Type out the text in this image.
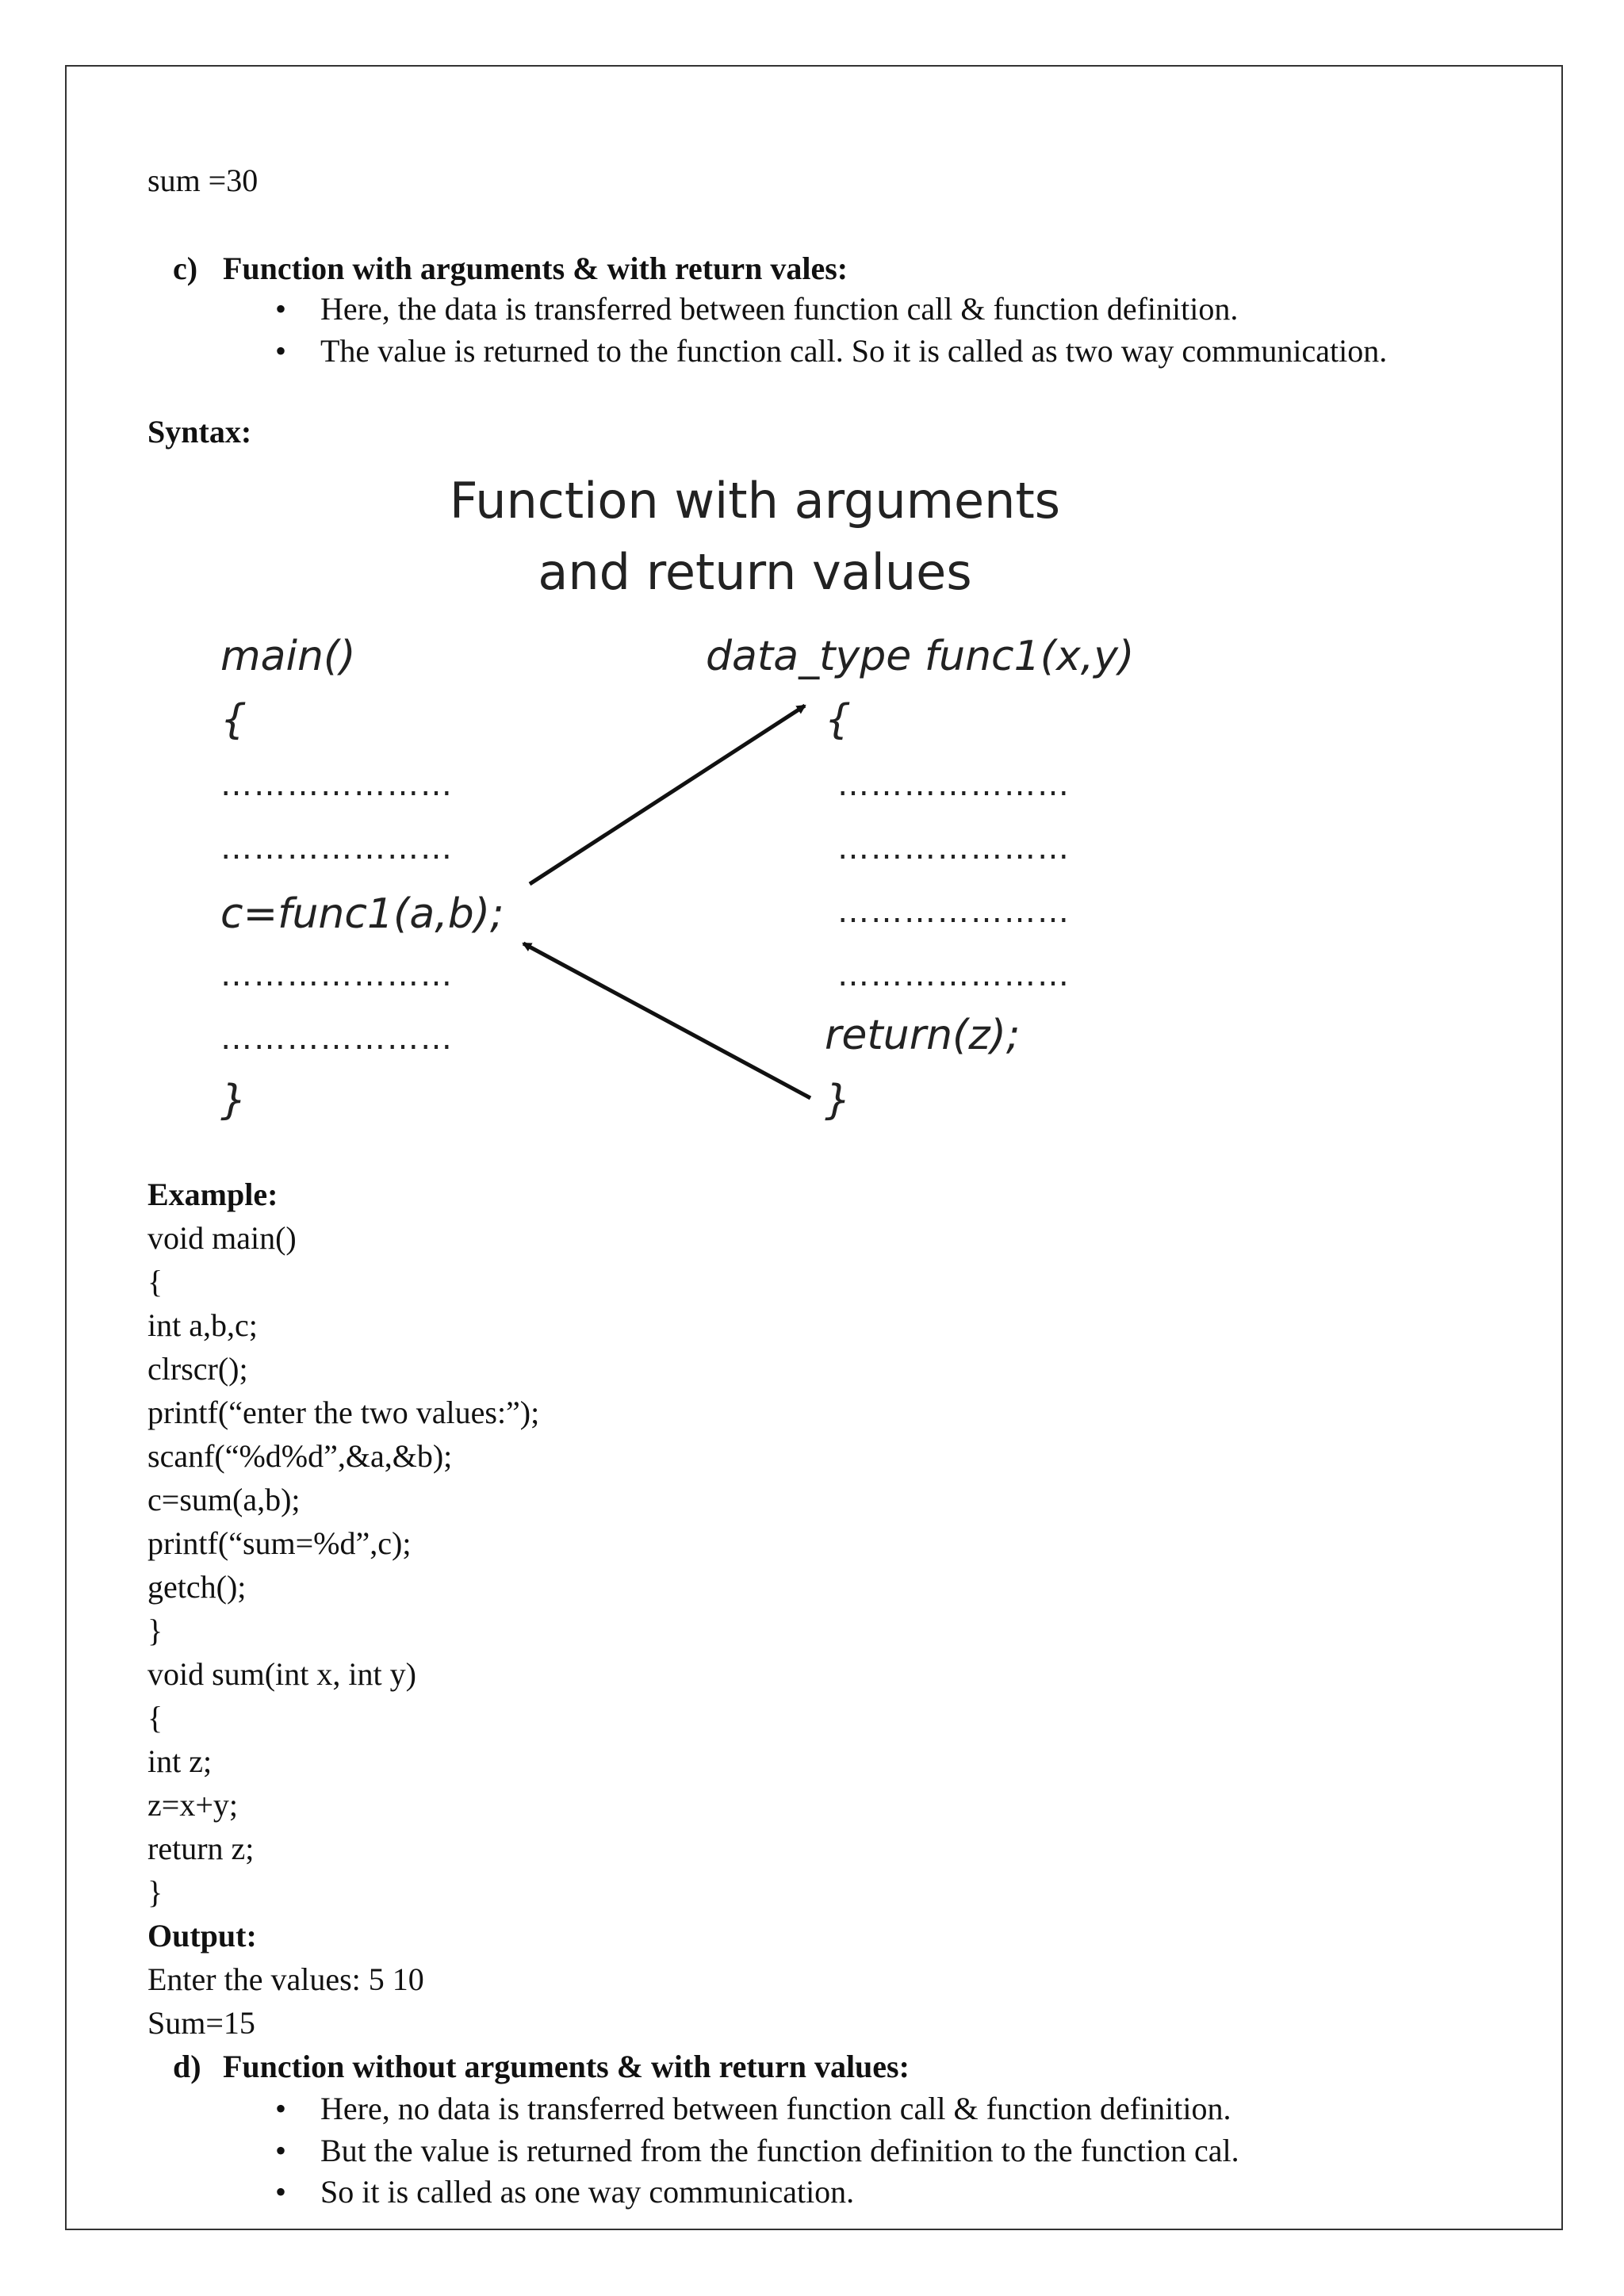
sum =30
c) Function with arguments & with return vales:
• Here, the data is transferred between function call & function definition.
• The value is returned to the function call. So it is called as two way communication.
Syntax:
Function with arguments
and return values
main()
{
…………………
…………………
c=func1(a,b);
…………………
…………………
}
data_type func1(x,y)
{
…………………
…………………
…………………
…………………
return(z);
}
Example:
void main()
{
int a,b,c;
clrscr();
printf(“enter the two values:”);
scanf(“%d%d”,&a,&b);
c=sum(a,b);
printf(“sum=%d”,c);
getch();
}
void sum(int x, int y)
{
int z;
z=x+y;
return z;
}
Output:
Enter the values: 5 10
Sum=15
d) Function without arguments & with return values:
• Here, no data is transferred between function call & function definition.
• But the value is returned from the function definition to the function cal.
• So it is called as one way communication.
